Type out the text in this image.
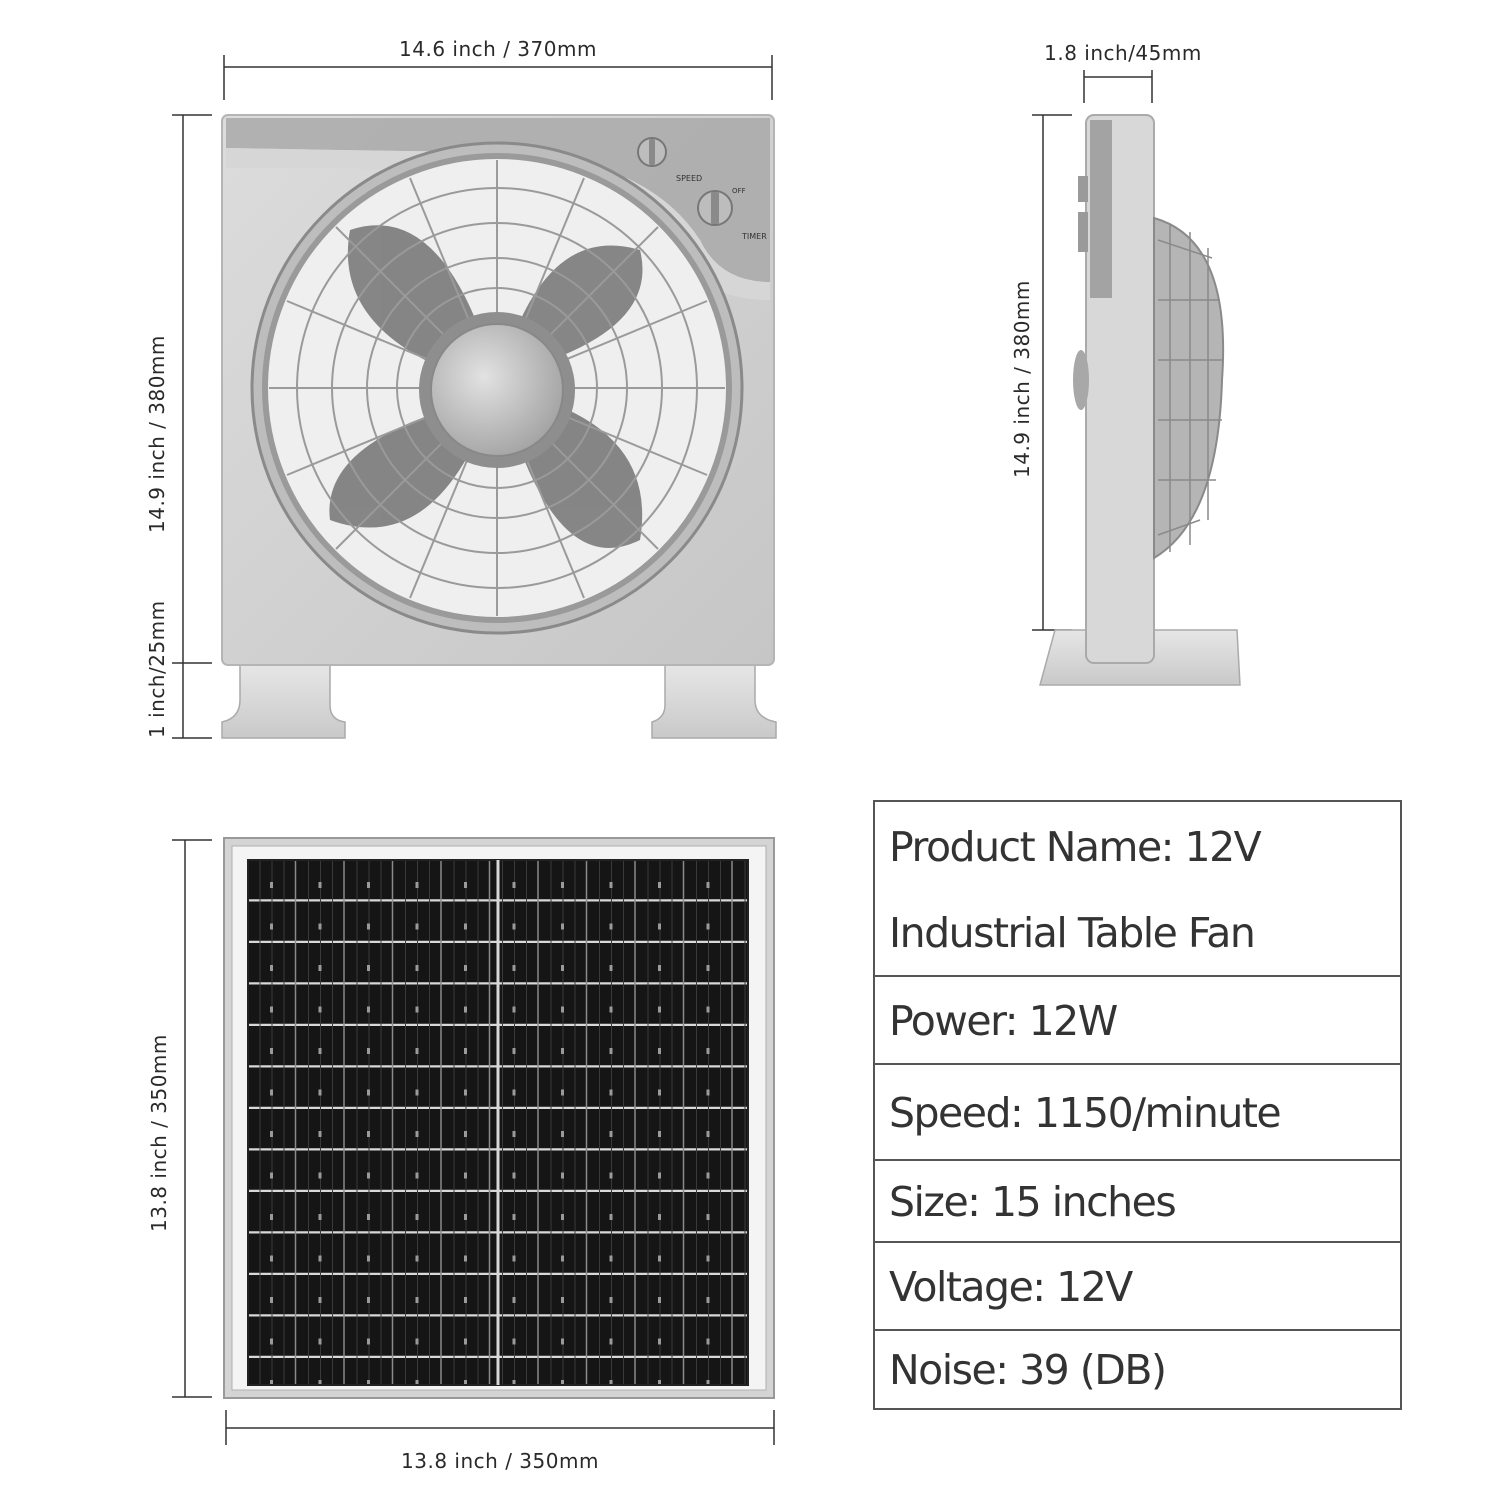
SPEED
TIMER
OFF
14.6 inch / 370mm
14.9 inch / 380mm
1 inch/25mm
1.8 inch/45mm
14.9 inch / 380mm
13.8 inch / 350mm
13.8 inch / 350mm
Product Name: 12V
Industrial Table Fan
Power: 12W
Speed: 1150/minute
Size: 15 inches
Voltage: 12V
Noise: 39 (DB)
